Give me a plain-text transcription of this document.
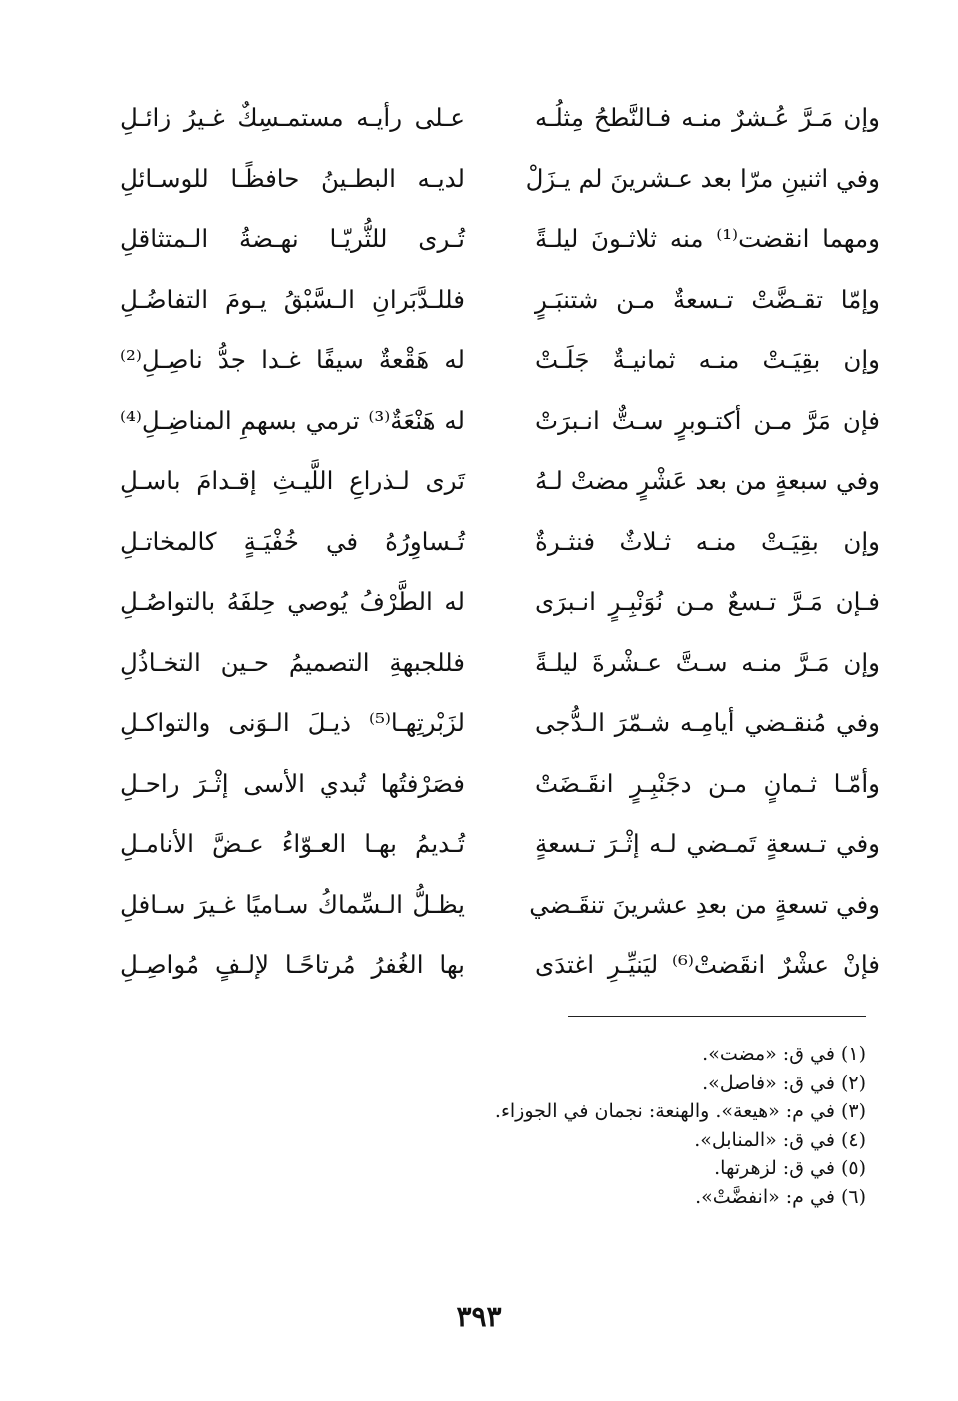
وإن مَـرَّ عُـشرٌ منـه فـالنَّطحُ مِثلُـه
عـلى رأيـه مستمـسِكٌ غـيرُ زائـلِ
وفي اثنينِ مرّا بعد عـشرينَ لم يـزَلْ
لديـه البطـينُ حافظًـا للوسـائلِ
ومهما انقضت⁽¹⁾ منه ثلاثـونَ ليلـةً
تُـرى للثُّريّـا نهـضةُ الـمتثاقلِ
وإمّا تقـضَّتْ تـسعةٌ مـن شتنبَـرٍ
فللـدَّبَرانِ الـسَّبْقُ يـومَ التفاضُـلِ
وإن بقِيَـتْ منـه ثمانيـةٌ جَلَـتْ
له هَقْعةٌ سيفًا غـدا جدُّ ناصِـلِ⁽²⁾
فإن مَرَّ مـن أكتـوبرٍ سـتٌّ انـبرَتْ
له هَنْعَةٌ⁽³⁾ ترمي بسهمِ المناضِـلِ⁽⁴⁾
وفي سبعةٍ من بعد عَشْرٍ مضتْ لـهُ
تَرى لـذراعِ اللَّيـثِ إقـدامَ باسـلِ
وإن بقِيَـتْ منـه ثـلاثٌ فنثـرةٌ
تُـساوِرُهُ في خُفْيَـةٍ كالمخاتـلِ
فـإن مَـرَّ تـسعٌ مـن نُوَنْبِـرٍ انـبرَى
له الطَّرْفُ يُوصي حِلفَهُ بالتواصُـلِ
وإن مَـرَّ منـه سـتَّ عـشْرةَ ليلـةً
فللجبهةِ التصميمُ حـين التخـاذُلِ
وفي مُنقـضي أيامِـه شـمّرَ الـدُّجى
لزَبْرتِهـا⁽⁵⁾ ذيـلَ الـوَنى والتواكـلِ
وأمّـا ثـمانٍ مـن دجَنْبِـرٍ انقَـضَتْ
فصَرْفتُها تُبدي الأسى إثْـرَ راحـلِ
وفي تـسعةٍ تَمـضي لـه إثْـرَ تـسعةٍ
تُـديمُ بهـا العـوّاءُ عـضَّ الأنامـلِ
وفي تسعةٍ من بعدِ عشرينَ تنقَـضي
يظـلُّ الـسِّماكُ سـاميًا غـيرَ سـافلِ
فإنْ عشْرٌ انقَضتْ⁽⁶⁾ ليَنيِّـرِ اغتدَى
بها الغُفرُ مُرتاحًـا لإلـفٍ مُواصِـلِ
(١) في ق: «مضت».
(٢) في ق: «فاصل».
(٣) في م: «هيعة». والهنعة: نجمان في الجوزاء.
(٤) في ق: «المنابل».
(٥) في ق: لزهرتها.
(٦) في م: «انفضَّتْ».
٣٩٣
